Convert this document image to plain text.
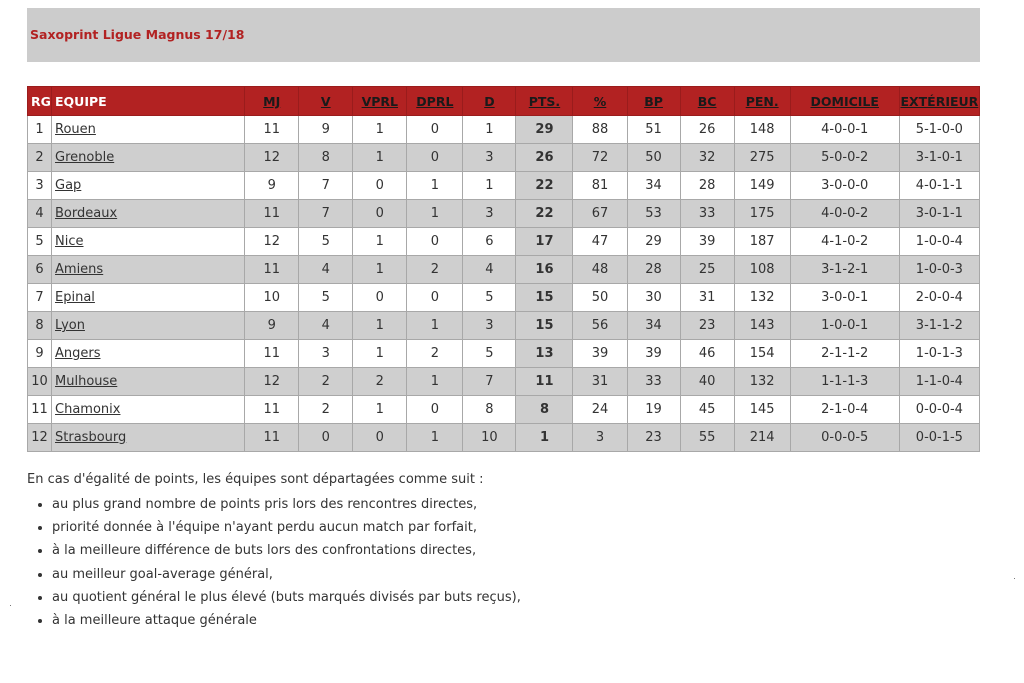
Saxoprint Ligue Magnus 17/18
RG	EQUIPE	MJ	V	VPRL	DPRL	D	PTS.	%	BP	BC	PEN.	DOMICILE	EXTÉRIEUR
1	Rouen	11	9	1	0	1	29	88	51	26	148	4-0-0-1	5-1-0-0
2	Grenoble	12	8	1	0	3	26	72	50	32	275	5-0-0-2	3-1-0-1
3	Gap	9	7	0	1	1	22	81	34	28	149	3-0-0-0	4-0-1-1
4	Bordeaux	11	7	0	1	3	22	67	53	33	175	4-0-0-2	3-0-1-1
5	Nice	12	5	1	0	6	17	47	29	39	187	4-1-0-2	1-0-0-4
6	Amiens	11	4	1	2	4	16	48	28	25	108	3-1-2-1	1-0-0-3
7	Epinal	10	5	0	0	5	15	50	30	31	132	3-0-0-1	2-0-0-4
8	Lyon	9	4	1	1	3	15	56	34	23	143	1-0-0-1	3-1-1-2
9	Angers	11	3	1	2	5	13	39	39	46	154	2-1-1-2	1-0-1-3
10	Mulhouse	12	2	2	1	7	11	31	33	40	132	1-1-1-3	1-1-0-4
11	Chamonix	11	2	1	0	8	8	24	19	45	145	2-1-0-4	0-0-0-4
12	Strasbourg	11	0	0	1	10	1	3	23	55	214	0-0-0-5	0-0-1-5
En cas d'égalité de points, les équipes sont départagées comme suit :
• au plus grand nombre de points pris lors des rencontres directes,
• priorité donnée à l'équipe n'ayant perdu aucun match par forfait,
• à la meilleure différence de buts lors des confrontations directes,
• au meilleur goal-average général,
• au quotient général le plus élevé (buts marqués divisés par buts reçus),
• à la meilleure attaque générale
